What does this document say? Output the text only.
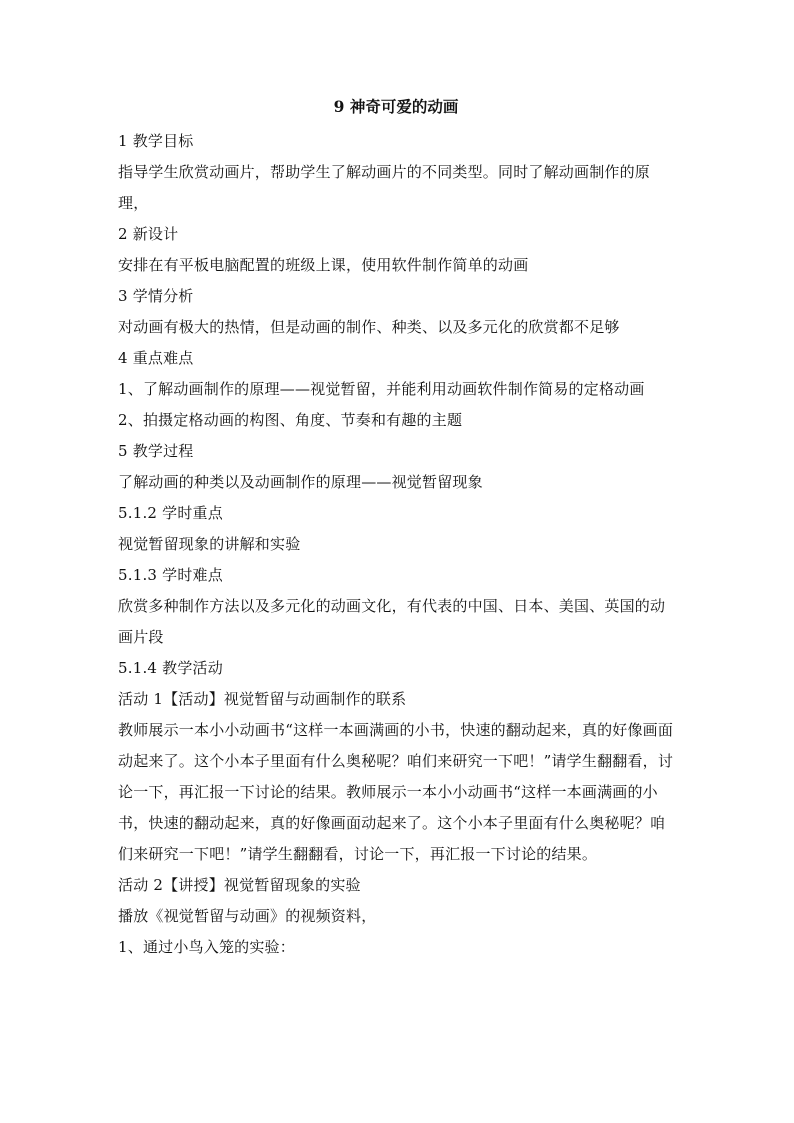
9 神奇可爱的动画

1 教学目标

指导学生欣赏动画片，帮助学生了解动画片的不同类型。同时了解动画制作的原理，

2 新设计

安排在有平板电脑配置的班级上课，使用软件制作简单的动画

3 学情分析

对动画有极大的热情，但是动画的制作、种类、以及多元化的欣赏都不足够

4 重点难点

1、了解动画制作的原理——视觉暂留，并能利用动画软件制作简易的定格动画

2、拍摄定格动画的构图、角度、节奏和有趣的主题

5 教学过程

了解动画的种类以及动画制作的原理——视觉暂留现象

5.1.2 学时重点

视觉暂留现象的讲解和实验

5.1.3 学时难点

欣赏多种制作方法以及多元化的动画文化，有代表的中国、日本、美国、英国的动画片段

5.1.4 教学活动

活动 1【活动】视觉暂留与动画制作的联系

教师展示一本小小动画书“这样一本画满画的小书，快速的翻动起来，真的好像画面动起来了。这个小本子里面有什么奥秘呢？咱们来研究一下吧！”请学生翻翻看，讨论一下，再汇报一下讨论的结果。教师展示一本小小动画书“这样一本画满画的小书，快速的翻动起来，真的好像画面动起来了。这个小本子里面有什么奥秘呢？咱们来研究一下吧！”请学生翻翻看，讨论一下，再汇报一下讨论的结果。

活动 2【讲授】视觉暂留现象的实验

播放《视觉暂留与动画》的视频资料，

1、通过小鸟入笼的实验：
